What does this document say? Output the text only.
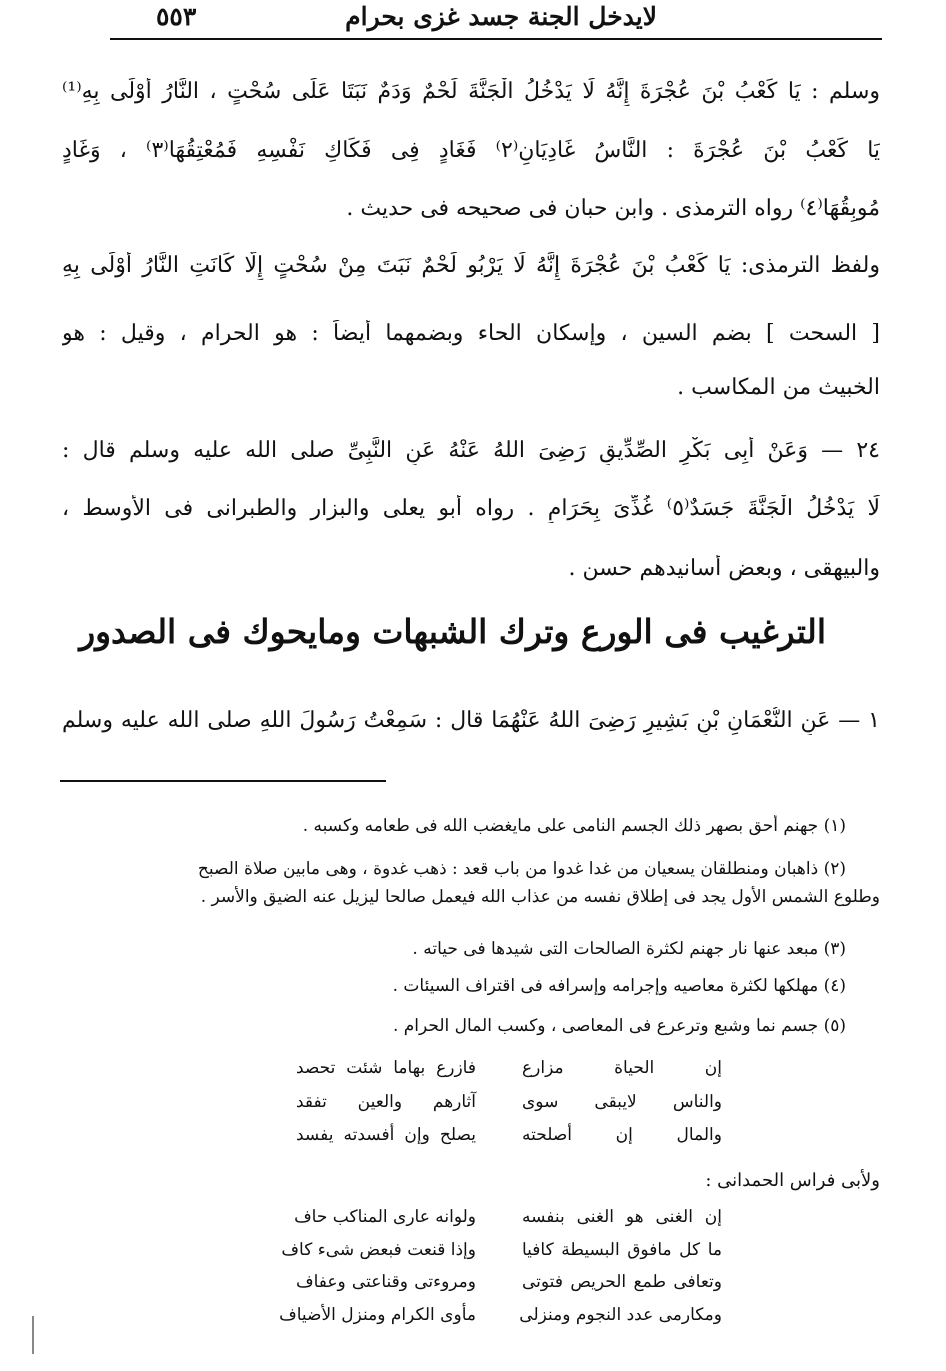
لايدخل الجنة جسد غزى بحرام
٥٥٣
وسلم : يَا كَعْبُ بْنَ عُجْرَةَ إِنَّهُ لَا يَدْخُلُ الْجَنَّةَ لَحْمٌ وَدَمٌ نَبَتَا عَلَى سُحْتٍ ، النَّارُ أَوْلَى بِهِ⁽¹⁾
يَا كَعْبُ بْنَ عُجْرَةَ : النَّاسُ غَادِيَانِ⁽٢⁾ فَغَادٍ فِى فَكَاكِ نَفْسِهِ فَمُعْتِقُهَا⁽٣⁾ ، وَغَادٍ
مُوبِقُهَا⁽٤⁾ رواه الترمذى . وابن حبان فى صحيحه فى حديث .
ولفظ الترمذى: يَا كَعْبُ بْنَ عُجْرَةَ إِنَّهُ لَا يَرْبُو لَحْمٌ نَبَتَ مِنْ سُحْتٍ إِلَّا كَانَتِ النَّارُ أَوْلَى بِهِ
[ السحت ] بضم السين ، وإسكان الحاء وبضمهما أيضاً : هو الحرام ، وقيل : هو
الخبيث من المكاسب .
٢٤ — وَعَنْ أَبِى بَكْرٍ الصِّدِّيقِ رَضِىَ اللهُ عَنْهُ عَنِ النَّبِىِّ صلى الله عليه وسلم قال :
لَا يَدْخُلُ الْجَنَّةَ جَسَدٌ⁽٥⁾ غُذِّىَ بِحَرَامٍ . رواه أبو يعلى والبزار والطبرانى فى الأوسط ،
والبيهقى ، وبعض أسانيدهم حسن .
الترغيب فى الورع وترك الشبهات ومايحوك فى الصدور
١ — عَنِ النُّعْمَانِ بْنِ بَشِيرٍ رَضِىَ اللهُ عَنْهُمَا قال : سَمِعْتُ رَسُولَ اللهِ صلى الله عليه وسلم
(١) جهنم أحق بصهر ذلك الجسم النامى على مايغضب الله فى طعامه وكسبه .
(٢) ذاهبان ومنطلقان يسعيان من غدا غدوا من باب قعد : ذهب غدوة ، وهى مابين صلاة الصبح
وطلوع الشمس الأول يجد فى إطلاق نفسه من عذاب الله فيعمل صالحا ليزيل عنه الضيق والأسر .
(٣) مبعد عنها نار جهنم لكثرة الصالحات التى شيدها فى حياته .
(٤) مهلكها لكثرة معاصيه وإجرامه وإسرافه فى اقتراف السيئات .
(٥) جسم نما وشبع وترعرع فى المعاصى ، وكسب المال الحرام .
إن الحياة مزارع
فازرع بهاما شئت تحصد
والناس لايبقى سوى
آثارهم والعين تفقد
والمال إن أصلحته
يصلح وإن أفسدته يفسد
ولأبى فراس الحمدانى :
إن الغنى هو الغنى بنفسه
ولوانه عارى المناكب حاف
ما كل مافوق البسيطة كافيا
وإذا قنعت فبعض شىء كاف
وتعافى طمع الحريص فتوتى
ومروءتى وقناعتى وعفاف
ومكارمى عدد النجوم ومنزلى
مأوى الكرام ومنزل الأضياف
